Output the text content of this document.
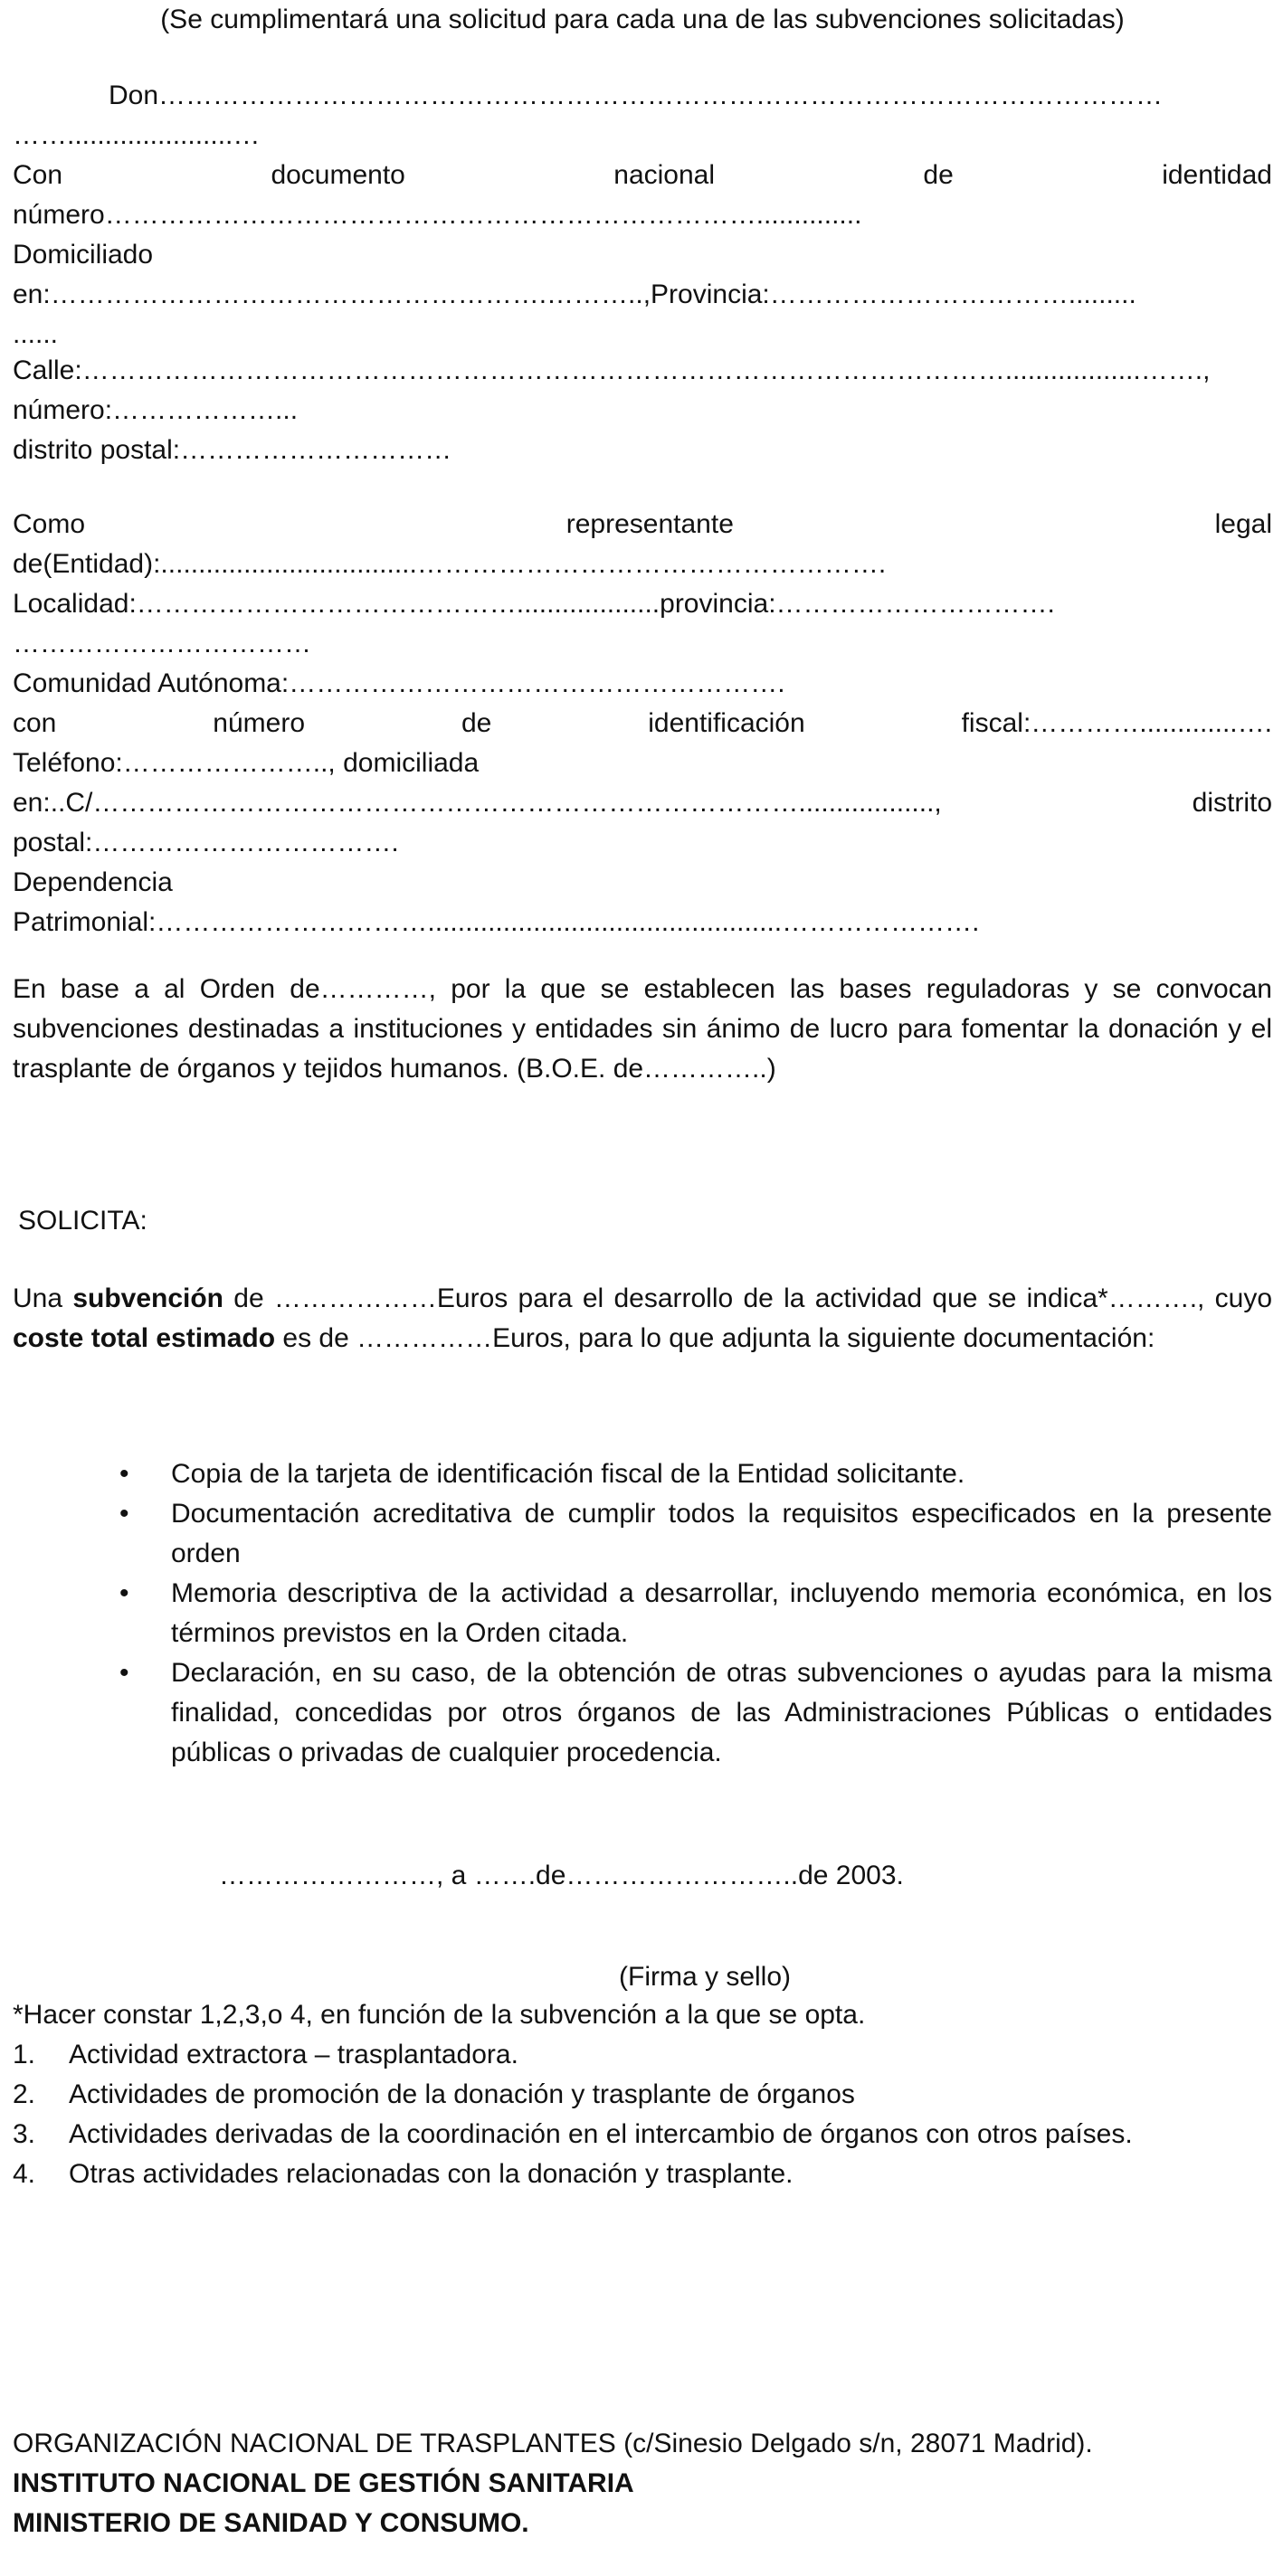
(Se cumplimentará una solicitud para cada una de las subvenciones solicitadas)
Don…………………………………………………………………………………………………
……......................…
Con	documento	nacional	de	identidad
número………………………………………………………………..............
Domiciliado
en:……………………………………………….………..,Provincia:…………………………….........
......
Calle:…………………………………………………………………………………………..................…….,
número:………………...
distrito postal:…………………………
Como	representante	legal
de(Entidad):..................................…………………………………………….
Localidad:……………………………………...................provincia:………………………….
……………………………
Comunidad Autónoma:……………………………………………….
con	número	de	identificación	fiscal:………….............….
Teléfono:………………….., domiciliada
en:..C/……………………………………………………………………..................,	distrito
postal:…………………………….
Dependencia
Patrimonial:…………………………...............................................………………….

En base a al Orden de…………, por la que se establecen las bases reguladoras y se convocan subvenciones destinadas a instituciones y entidades sin ánimo de lucro para fomentar la donación y el trasplante de órganos y tejidos humanos. (B.O.E. de…………..)

SOLICITA:

Una subvención de ………………Euros para el desarrollo de la actividad que se indica*………., cuyo coste total estimado es de ……………Euros, para lo que adjunta la siguiente documentación:

• Copia de la tarjeta de identificación fiscal de la Entidad solicitante.
• Documentación acreditativa de cumplir todos la requisitos especificados en la presente orden
• Memoria descriptiva de la actividad a desarrollar, incluyendo memoria económica, en los términos previstos en la Orden citada.
• Declaración, en su caso, de la obtención de otras subvenciones o ayudas para la misma finalidad, concedidas por otros órganos de las Administraciones Públicas o entidades públicas o privadas de cualquier procedencia.
……………………, a …….de……………………..de 2003.
(Firma y sello)
*Hacer constar 1,2,3,o 4, en función de la subvención a la que se opta.
1. Actividad extractora – trasplantadora.
2. Actividades de promoción de la donación y trasplante de órganos
3. Actividades derivadas de la coordinación en el intercambio de órganos con otros países.
4. Otras actividades relacionadas con la donación y trasplante.

ORGANIZACIÓN NACIONAL DE TRASPLANTES (c/Sinesio Delgado s/n, 28071 Madrid).

INSTITUTO NACIONAL DE GESTIÓN SANITARIA
MINISTERIO DE SANIDAD Y CONSUMO.
